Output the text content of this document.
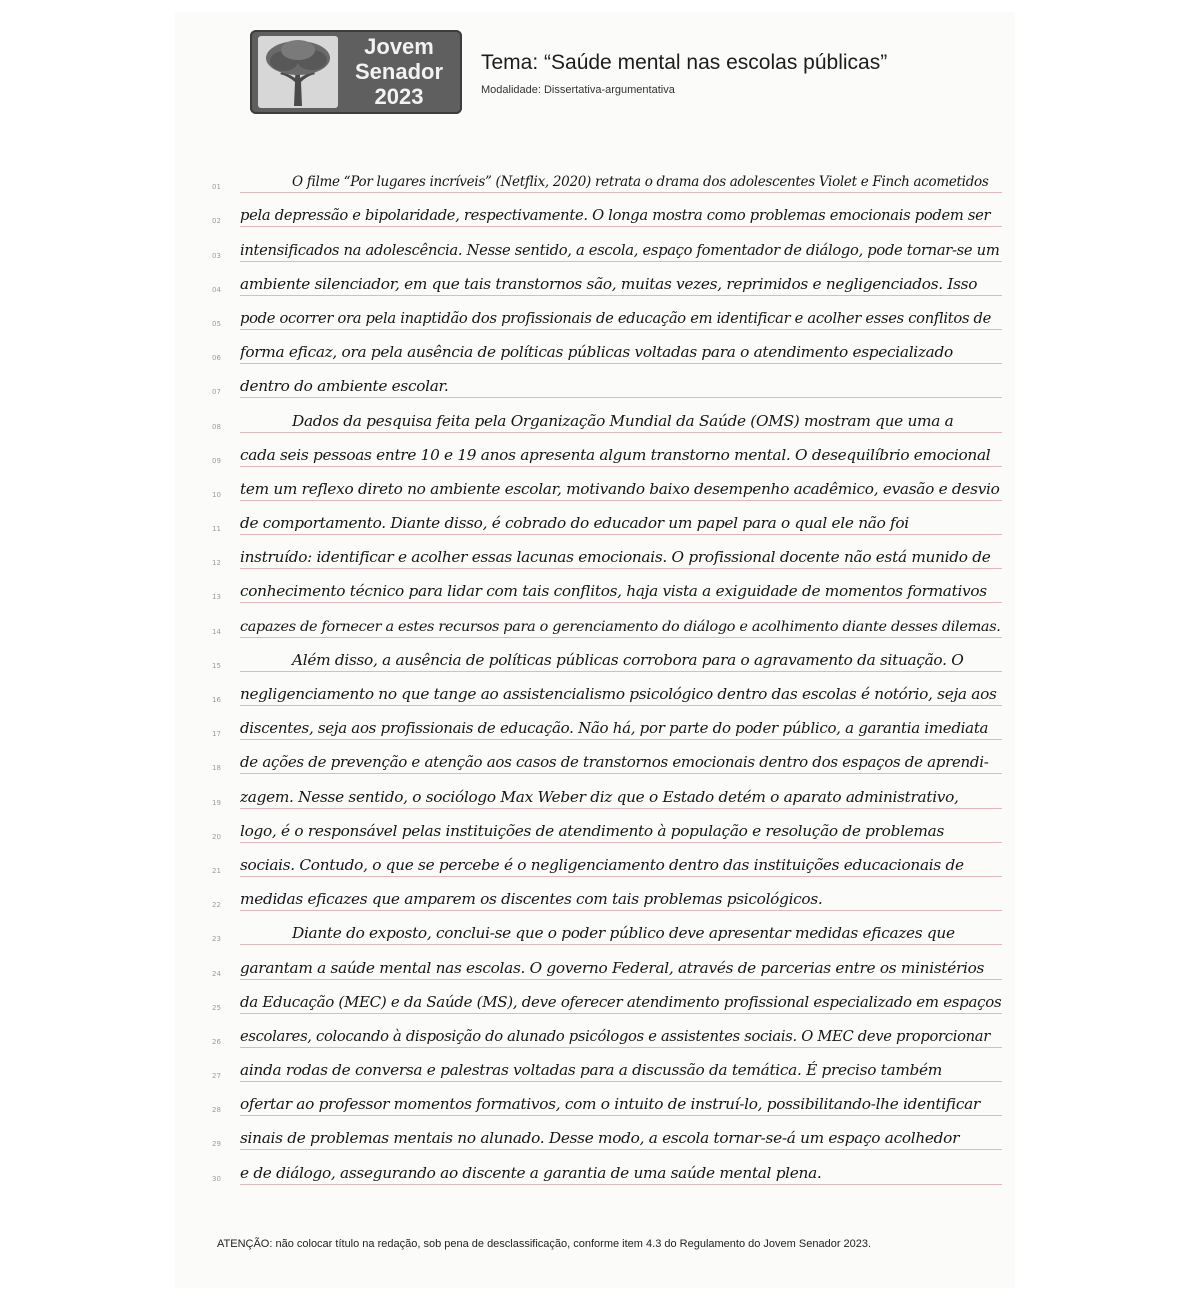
Jovem
Senador
2023
Tema: “Saúde mental nas escolas públicas”
Modalidade: Dissertativa-argumentativa
01	O filme “Por lugares incríveis” (Netflix, 2020) retrata o drama dos adolescentes Violet e Finch acometidos
02	pela depressão e bipolaridade, respectivamente. O longa mostra como problemas emocionais podem ser
03	intensificados na adolescência. Nesse sentido, a escola, espaço fomentador de diálogo, pode tornar-se um
04	ambiente silenciador, em que tais transtornos são, muitas vezes, reprimidos e negligenciados. Isso
05	pode ocorrer ora pela inaptidão dos profissionais de educação em identificar e acolher esses conflitos de
06	forma eficaz, ora pela ausência de políticas públicas voltadas para o atendimento especializado
07	dentro do ambiente escolar.
08	Dados da pesquisa feita pela Organização Mundial da Saúde (OMS) mostram que uma a
09	cada seis pessoas entre 10 e 19 anos apresenta algum transtorno mental. O desequilíbrio emocional
10	tem um reflexo direto no ambiente escolar, motivando baixo desempenho acadêmico, evasão e desvio
11	de comportamento. Diante disso, é cobrado do educador um papel para o qual ele não foi
12	instruído: identificar e acolher essas lacunas emocionais. O profissional docente não está munido de
13	conhecimento técnico para lidar com tais conflitos, haja vista a exiguidade de momentos formativos
14	capazes de fornecer a estes recursos para o gerenciamento do diálogo e acolhimento diante desses dilemas.
15	Além disso, a ausência de políticas públicas corrobora para o agravamento da situação. O
16	negligenciamento no que tange ao assistencialismo psicológico dentro das escolas é notório, seja aos
17	discentes, seja aos profissionais de educação. Não há, por parte do poder público, a garantia imediata
18	de ações de prevenção e atenção aos casos de transtornos emocionais dentro dos espaços de aprendi-
19	zagem. Nesse sentido, o sociólogo Max Weber diz que o Estado detém o aparato administrativo,
20	logo, é o responsável pelas instituições de atendimento à população e resolução de problemas
21	sociais. Contudo, o que se percebe é o negligenciamento dentro das instituições educacionais de
22	medidas eficazes que amparem os discentes com tais problemas psicológicos.
23	Diante do exposto, conclui-se que o poder público deve apresentar medidas eficazes que
24	garantam a saúde mental nas escolas. O governo Federal, através de parcerias entre os ministérios
25	da Educação (MEC) e da Saúde (MS), deve oferecer atendimento profissional especializado em espaços
26	escolares, colocando à disposição do alunado psicólogos e assistentes sociais. O MEC deve proporcionar
27	ainda rodas de conversa e palestras voltadas para a discussão da temática. É preciso também
28	ofertar ao professor momentos formativos, com o intuito de instruí-lo, possibilitando-lhe identificar
29	sinais de problemas mentais no alunado. Desse modo, a escola tornar-se-á um espaço acolhedor
30	e de diálogo, assegurando ao discente a garantia de uma saúde mental plena.
ATENÇÃO: não colocar título na redação, sob pena de desclassificação, conforme item 4.3 do Regulamento do Jovem Senador 2023.
